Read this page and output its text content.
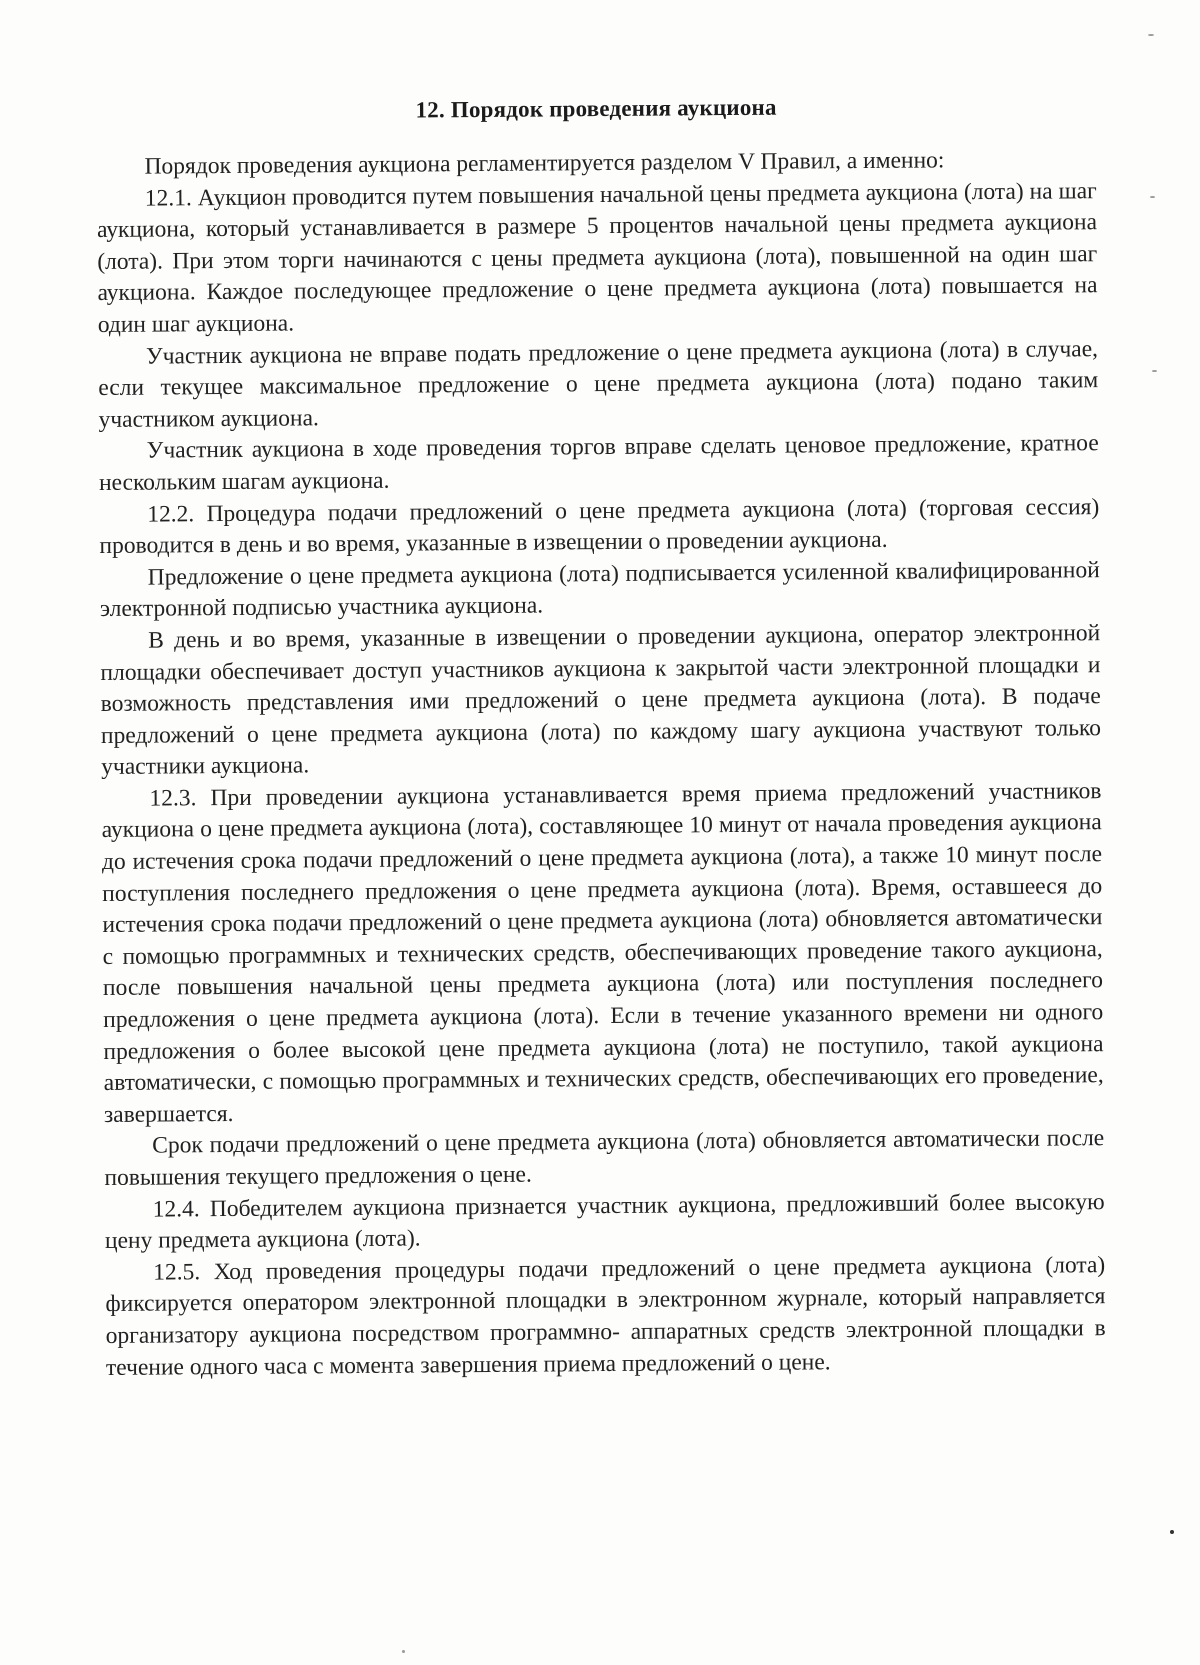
12. Порядок проведения аукциона

Порядок проведения аукциона регламентируется разделом V Правил, а именно:

12.1. Аукцион проводится путем повышения начальной цены предмета аукциона (лота) на шаг аукциона, который устанавливается в размере 5 процентов начальной цены предмета аукциона (лота). При этом торги начинаются с цены предмета аукциона (лота), повышенной на один шаг аукциона. Каждое последующее предложение о цене предмета аукциона (лота) повышается на один шаг аукциона.

Участник аукциона не вправе подать предложение о цене предмета аукциона (лота) в случае, если текущее максимальное предложение о цене предмета аукциона (лота) подано таким участником аукциона.

Участник аукциона в ходе проведения торгов вправе сделать ценовое предложение, кратное нескольким шагам аукциона.

12.2. Процедура подачи предложений о цене предмета аукциона (лота) (торговая сессия) проводится в день и во время, указанные в извещении о проведении аукциона.

Предложение о цене предмета аукциона (лота) подписывается усиленной квалифицированной электронной подписью участника аукциона.

В день и во время, указанные в извещении о проведении аукциона, оператор электронной площадки обеспечивает доступ участников аукциона к закрытой части электронной площадки и возможность представления ими предложений о цене предмета аукциона (лота). В подаче предложений о цене предмета аукциона (лота) по каждому шагу аукциона участвуют только участники аукциона.

12.3. При проведении аукциона устанавливается время приема предложений участников аукциона о цене предмета аукциона (лота), составляющее 10 минут от начала проведения аукциона до истечения срока подачи предложений о цене предмета аукциона (лота), а также 10 минут после поступления последнего предложения о цене предмета аукциона (лота). Время, оставшееся до истечения срока подачи предложений о цене предмета аукциона (лота) обновляется автоматически с помощью программных и технических средств, обеспечивающих проведение такого аукциона, после повышения начальной цены предмета аукциона (лота) или поступления последнего предложения о цене предмета аукциона (лота). Если в течение указанного времени ни одного предложения о более высокой цене предмета аукциона (лота) не поступило, такой аукциона автоматически, с помощью программных и технических средств, обеспечивающих его проведение, завершается.

Срок подачи предложений о цене предмета аукциона (лота) обновляется автоматически после повышения текущего предложения о цене.

12.4. Победителем аукциона признается участник аукциона, предложивший более высокую цену предмета аукциона (лота).

12.5. Ход проведения процедуры подачи предложений о цене предмета аукциона (лота) фиксируется оператором электронной площадки в электронном журнале, который направляется организатору аукциона посредством программно- аппаратных средств электронной площадки в течение одного часа с момента завершения приема предложений о цене.
